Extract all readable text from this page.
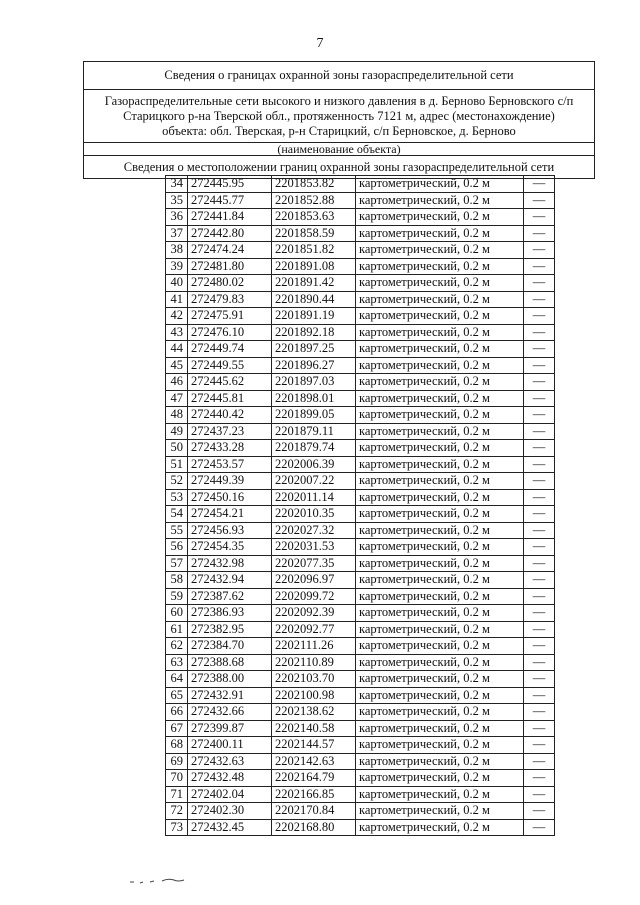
7
Сведения о границах охранной зоны газораспределительной сети

Газораспределительные сети высокого и низкого давления в д. Берново Берновского с/п
Старицкого р-на Тверской обл., протяженность 7121 м, адрес (местонахождение)
объекта: обл. Тверская, р-н Старицкий, с/п Берновское, д. Берново

(наименование объекта)
Сведения о местоположении границ охранной зоны газораспределительной сети
34	272445.95	2201853.82	картометрический, 0.2 м	—
35	272445.77	2201852.88	картометрический, 0.2 м	—
36	272441.84	2201853.63	картометрический, 0.2 м	—
37	272442.80	2201858.59	картометрический, 0.2 м	—
38	272474.24	2201851.82	картометрический, 0.2 м	—
39	272481.80	2201891.08	картометрический, 0.2 м	—
40	272480.02	2201891.42	картометрический, 0.2 м	—
41	272479.83	2201890.44	картометрический, 0.2 м	—
42	272475.91	2201891.19	картометрический, 0.2 м	—
43	272476.10	2201892.18	картометрический, 0.2 м	—
44	272449.74	2201897.25	картометрический, 0.2 м	—
45	272449.55	2201896.27	картометрический, 0.2 м	—
46	272445.62	2201897.03	картометрический, 0.2 м	—
47	272445.81	2201898.01	картометрический, 0.2 м	—
48	272440.42	2201899.05	картометрический, 0.2 м	—
49	272437.23	2201879.11	картометрический, 0.2 м	—
50	272433.28	2201879.74	картометрический, 0.2 м	—
51	272453.57	2202006.39	картометрический, 0.2 м	—
52	272449.39	2202007.22	картометрический, 0.2 м	—
53	272450.16	2202011.14	картометрический, 0.2 м	—
54	272454.21	2202010.35	картометрический, 0.2 м	—
55	272456.93	2202027.32	картометрический, 0.2 м	—
56	272454.35	2202031.53	картометрический, 0.2 м	—
57	272432.98	2202077.35	картометрический, 0.2 м	—
58	272432.94	2202096.97	картометрический, 0.2 м	—
59	272387.62	2202099.72	картометрический, 0.2 м	—
60	272386.93	2202092.39	картометрический, 0.2 м	—
61	272382.95	2202092.77	картометрический, 0.2 м	—
62	272384.70	2202111.26	картометрический, 0.2 м	—
63	272388.68	2202110.89	картометрический, 0.2 м	—
64	272388.00	2202103.70	картометрический, 0.2 м	—
65	272432.91	2202100.98	картометрический, 0.2 м	—
66	272432.66	2202138.62	картометрический, 0.2 м	—
67	272399.87	2202140.58	картометрический, 0.2 м	—
68	272400.11	2202144.57	картометрический, 0.2 м	—
69	272432.63	2202142.63	картометрический, 0.2 м	—
70	272432.48	2202164.79	картометрический, 0.2 м	—
71	272402.04	2202166.85	картометрический, 0.2 м	—
72	272402.30	2202170.84	картометрический, 0.2 м	—
73	272432.45	2202168.80	картометрический, 0.2 м	—
